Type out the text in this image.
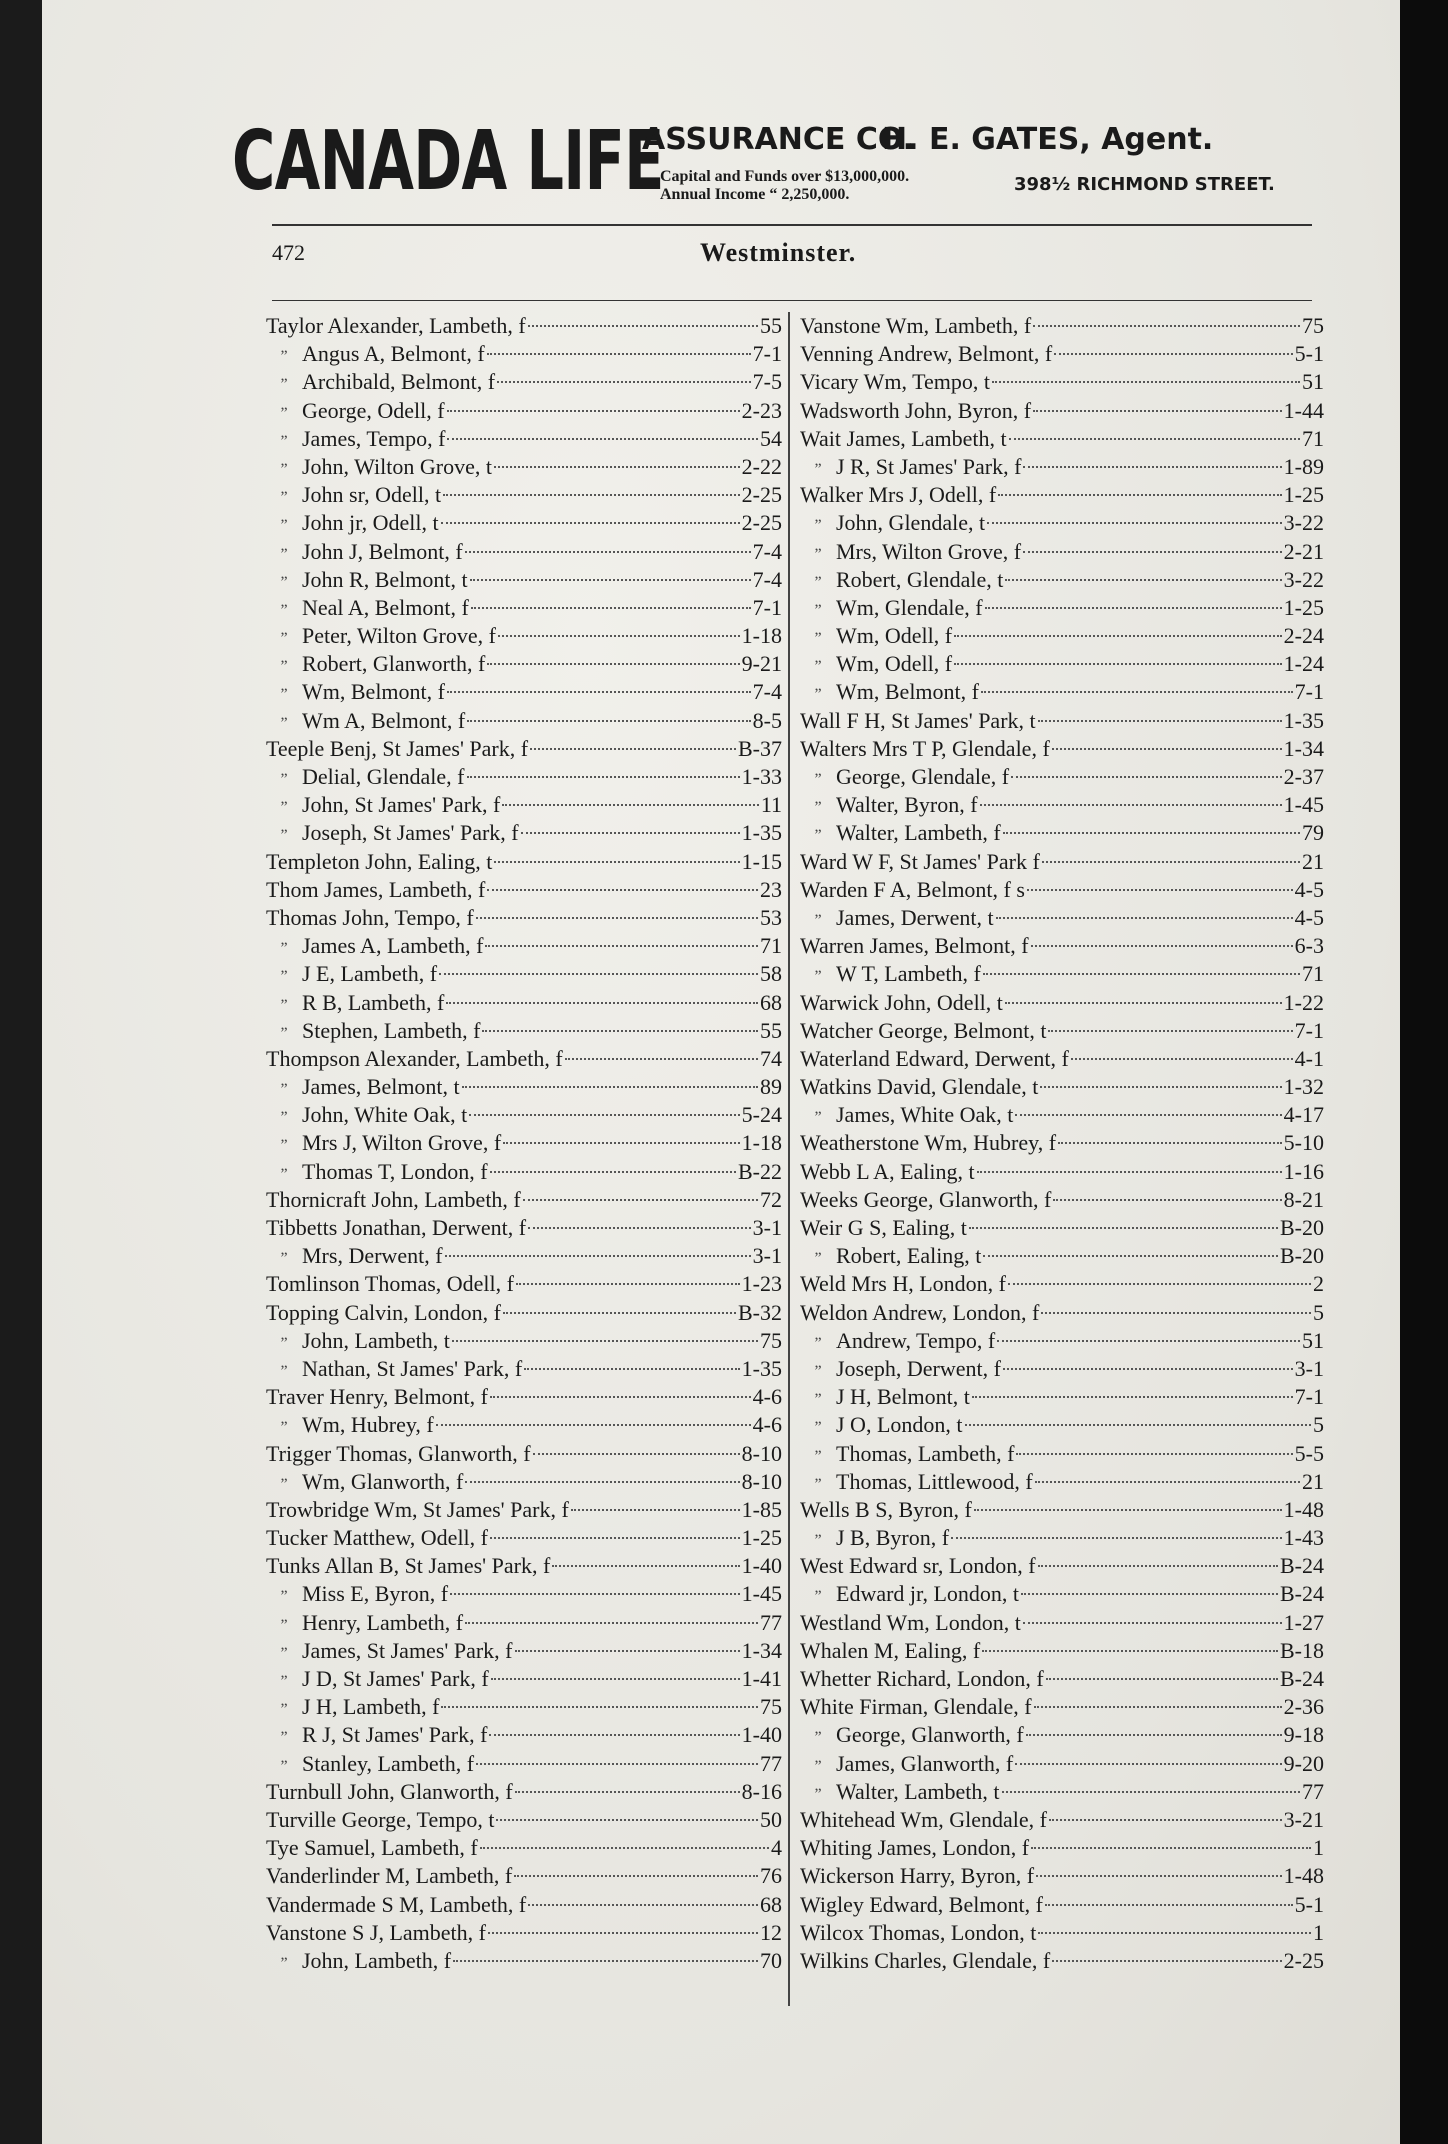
CANADA LIFE
ASSURANCE CO.
H. E. GATES, Agent.
Capital and Funds over $13,000,000.
Annual Income “ 2,250,000.	398½ RICHMOND STREET.
472	Westminster.
Taylor Alexander, Lambeth, f	55
” Angus A, Belmont, f	7-1
” Archibald, Belmont, f	7-5
” George, Odell, f	2-23
” James, Tempo, f	54
” John, Wilton Grove, t	2-22
” John sr, Odell, t	2-25
” John jr, Odell, t	2-25
” John J, Belmont, f	7-4
” John R, Belmont, t	7-4
” Neal A, Belmont, f	7-1
” Peter, Wilton Grove, f	1-18
” Robert, Glanworth, f	9-21
” Wm, Belmont, f	7-4
” Wm A, Belmont, f	8-5
Teeple Benj, St James' Park, f	B-37
” Delial, Glendale, f	1-33
” John, St James' Park, f	11
” Joseph, St James' Park, f	1-35
Templeton John, Ealing, t	1-15
Thom James, Lambeth, f	23
Thomas John, Tempo, f	53
” James A, Lambeth, f	71
” J E, Lambeth, f	58
” R B, Lambeth, f	68
” Stephen, Lambeth, f	55
Thompson Alexander, Lambeth, f	74
” James, Belmont, t	89
” John, White Oak, t	5-24
” Mrs J, Wilton Grove, f	1-18
” Thomas T, London, f	B-22
Thornicraft John, Lambeth, f	72
Tibbetts Jonathan, Derwent, f	3-1
” Mrs, Derwent, f	3-1
Tomlinson Thomas, Odell, f	1-23
Topping Calvin, London, f	B-32
” John, Lambeth, t	75
” Nathan, St James' Park, f	1-35
Traver Henry, Belmont, f	4-6
” Wm, Hubrey, f	4-6
Trigger Thomas, Glanworth, f	8-10
” Wm, Glanworth, f	8-10
Trowbridge Wm, St James' Park, f	1-85
Tucker Matthew, Odell, f	1-25
Tunks Allan B, St James' Park, f	1-40
” Miss E, Byron, f	1-45
” Henry, Lambeth, f	77
” James, St James' Park, f	1-34
” J D, St James' Park, f	1-41
” J H, Lambeth, f	75
” R J, St James' Park, f	1-40
” Stanley, Lambeth, f	77
Turnbull John, Glanworth, f	8-16
Turville George, Tempo, t	50
Tye Samuel, Lambeth, f	4
Vanderlinder M, Lambeth, f	76
Vandermade S M, Lambeth, f	68
Vanstone S J, Lambeth, f	12
” John, Lambeth, f	70
Vanstone Wm, Lambeth, f	75
Venning Andrew, Belmont, f	5-1
Vicary Wm, Tempo, t	51
Wadsworth John, Byron, f	1-44
Wait James, Lambeth, t	71
” J R, St James' Park, f	1-89
Walker Mrs J, Odell, f	1-25
” John, Glendale, t	3-22
” Mrs, Wilton Grove, f	2-21
” Robert, Glendale, t	3-22
” Wm, Glendale, f	1-25
” Wm, Odell, f	2-24
” Wm, Odell, f	1-24
” Wm, Belmont, f	7-1
Wall F H, St James' Park, t	1-35
Walters Mrs T P, Glendale, f	1-34
” George, Glendale, f	2-37
” Walter, Byron, f	1-45
” Walter, Lambeth, f	79
Ward W F, St James' Park f	21
Warden F A, Belmont, f s	4-5
” James, Derwent, t	4-5
Warren James, Belmont, f	6-3
” W T, Lambeth, f	71
Warwick John, Odell, t	1-22
Watcher George, Belmont, t	7-1
Waterland Edward, Derwent, f	4-1
Watkins David, Glendale, t	1-32
” James, White Oak, t	4-17
Weatherstone Wm, Hubrey, f	5-10
Webb L A, Ealing, t	1-16
Weeks George, Glanworth, f	8-21
Weir G S, Ealing, t	B-20
” Robert, Ealing, t	B-20
Weld Mrs H, London, f	2
Weldon Andrew, London, f	5
” Andrew, Tempo, f	51
” Joseph, Derwent, f	3-1
” J H, Belmont, t	7-1
” J O, London, t	5
” Thomas, Lambeth, f	5-5
” Thomas, Littlewood, f	21
Wells B S, Byron, f	1-48
” J B, Byron, f	1-43
West Edward sr, London, f	B-24
” Edward jr, London, t	B-24
Westland Wm, London, t	1-27
Whalen M, Ealing, f	B-18
Whetter Richard, London, f	B-24
White Firman, Glendale, f	2-36
” George, Glanworth, f	9-18
” James, Glanworth, f	9-20
” Walter, Lambeth, t	77
Whitehead Wm, Glendale, f	3-21
Whiting James, London, f	1
Wickerson Harry, Byron, f	1-48
Wigley Edward, Belmont, f	5-1
Wilcox Thomas, London, t	1
Wilkins Charles, Glendale, f	2-25
